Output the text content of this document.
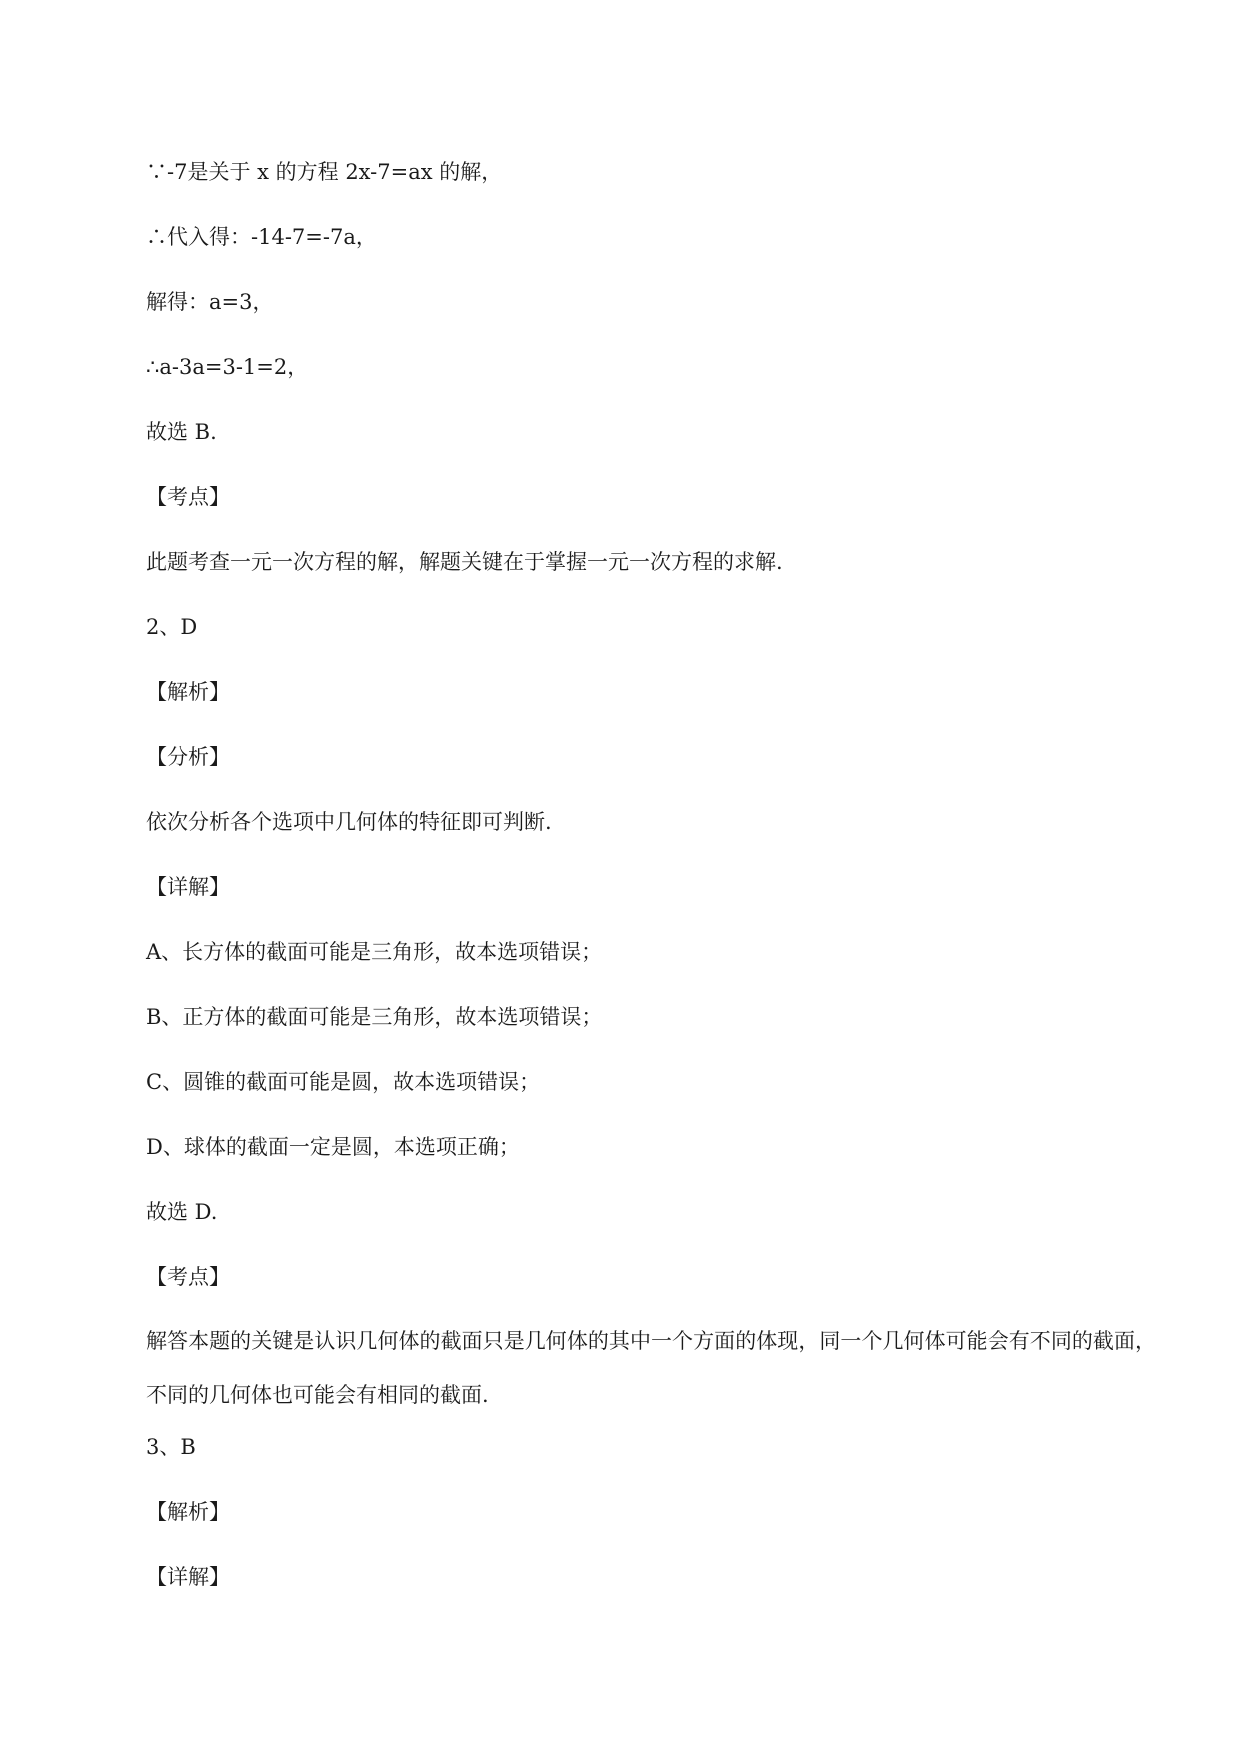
∵-7是关于 x 的方程 2x-7=ax 的解，
∴代入得：-14-7=-7a，
解得：a=3，
∴a-3a=3-1=2，
故选 B.
【考点】
此题考查一元一次方程的解，解题关键在于掌握一元一次方程的求解.
2、D
【解析】
【分析】
依次分析各个选项中几何体的特征即可判断.
【详解】
A、长方体的截面可能是三角形，故本选项错误；
B、正方体的截面可能是三角形，故本选项错误；
C、圆锥的截面可能是圆，故本选项错误；
D、球体的截面一定是圆，本选项正确；
故选 D.
【考点】
解答本题的关键是认识几何体的截面只是几何体的其中一个方面的体现，同一个几何体可能会有不同的截面，不同的几何体也可能会有相同的截面.
3、B
【解析】
【详解】
